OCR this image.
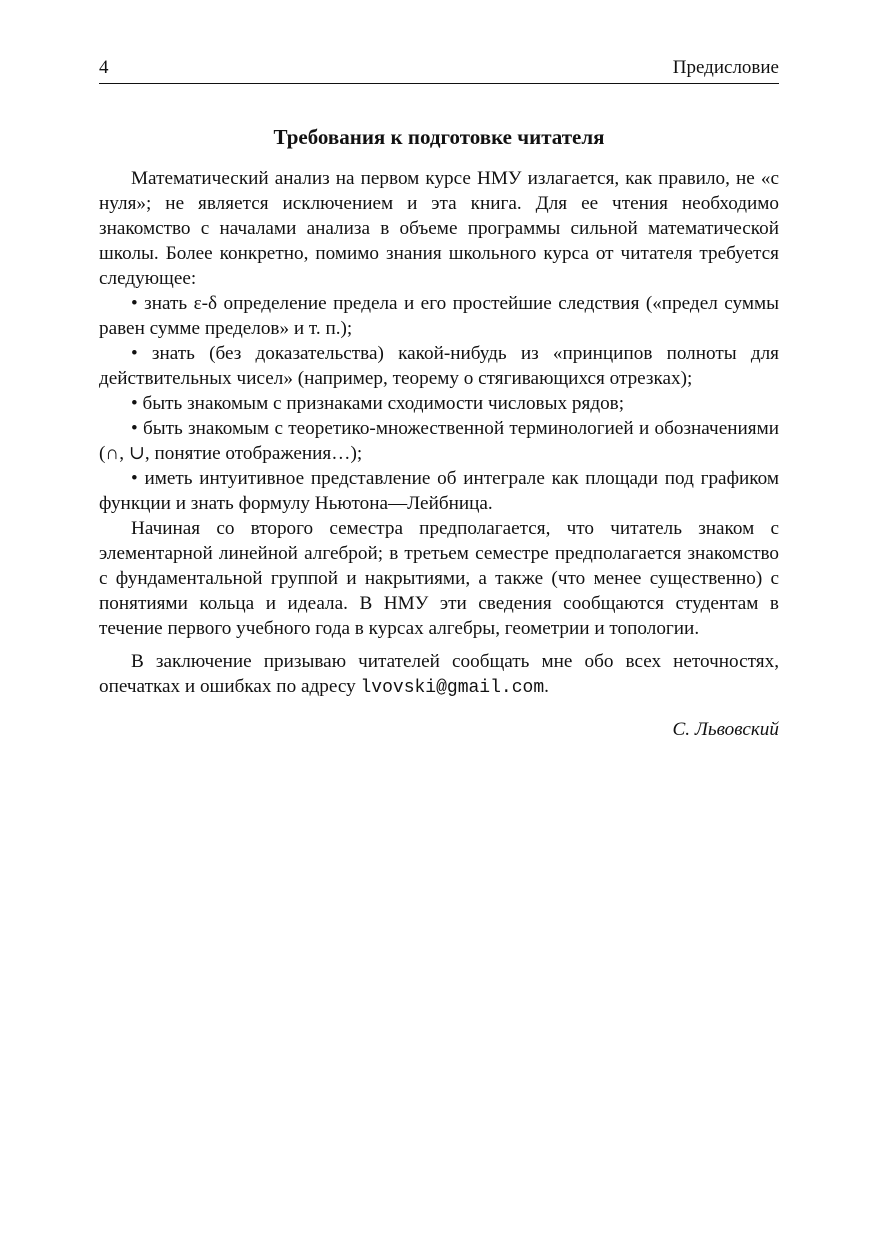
4	Предисловие
Требования к подготовке читателя

Математический анализ на первом курсе НМУ излагается, как правило, не «с нуля»; не является исключением и эта книга. Для ее чтения необходимо знакомство с началами анализа в объеме программы сильной математической школы. Более конкретно, помимо знания школьного курса от читателя требуется следующее:

• знать ε-δ определение предела и его простейшие следствия («предел суммы равен сумме пределов» и т. п.);

• знать (без доказательства) какой-нибудь из «принципов полноты для действительных чисел» (например, теорему о стягивающихся отрезках);

• быть знакомым с признаками сходимости числовых рядов;

• быть знакомым с теоретико-множественной терминологией и обозначениями (∩, ∪, понятие отображения…);

• иметь интуитивное представление об интеграле как площади под графиком функции и знать формулу Ньютона—Лейбница.

Начиная со второго семестра предполагается, что читатель знаком с элементарной линейной алгеброй; в третьем семестре предполагается знакомство с фундаментальной группой и накрытиями, а также (что менее существенно) с понятиями кольца и идеала. В НМУ эти сведения сообщаются студентам в течение первого учебного года в курсах алгебры, геометрии и топологии.

В заключение призываю читателей сообщать мне обо всех неточностях, опечатках и ошибках по адресу lvovski@gmail.com.

С. Львовский
